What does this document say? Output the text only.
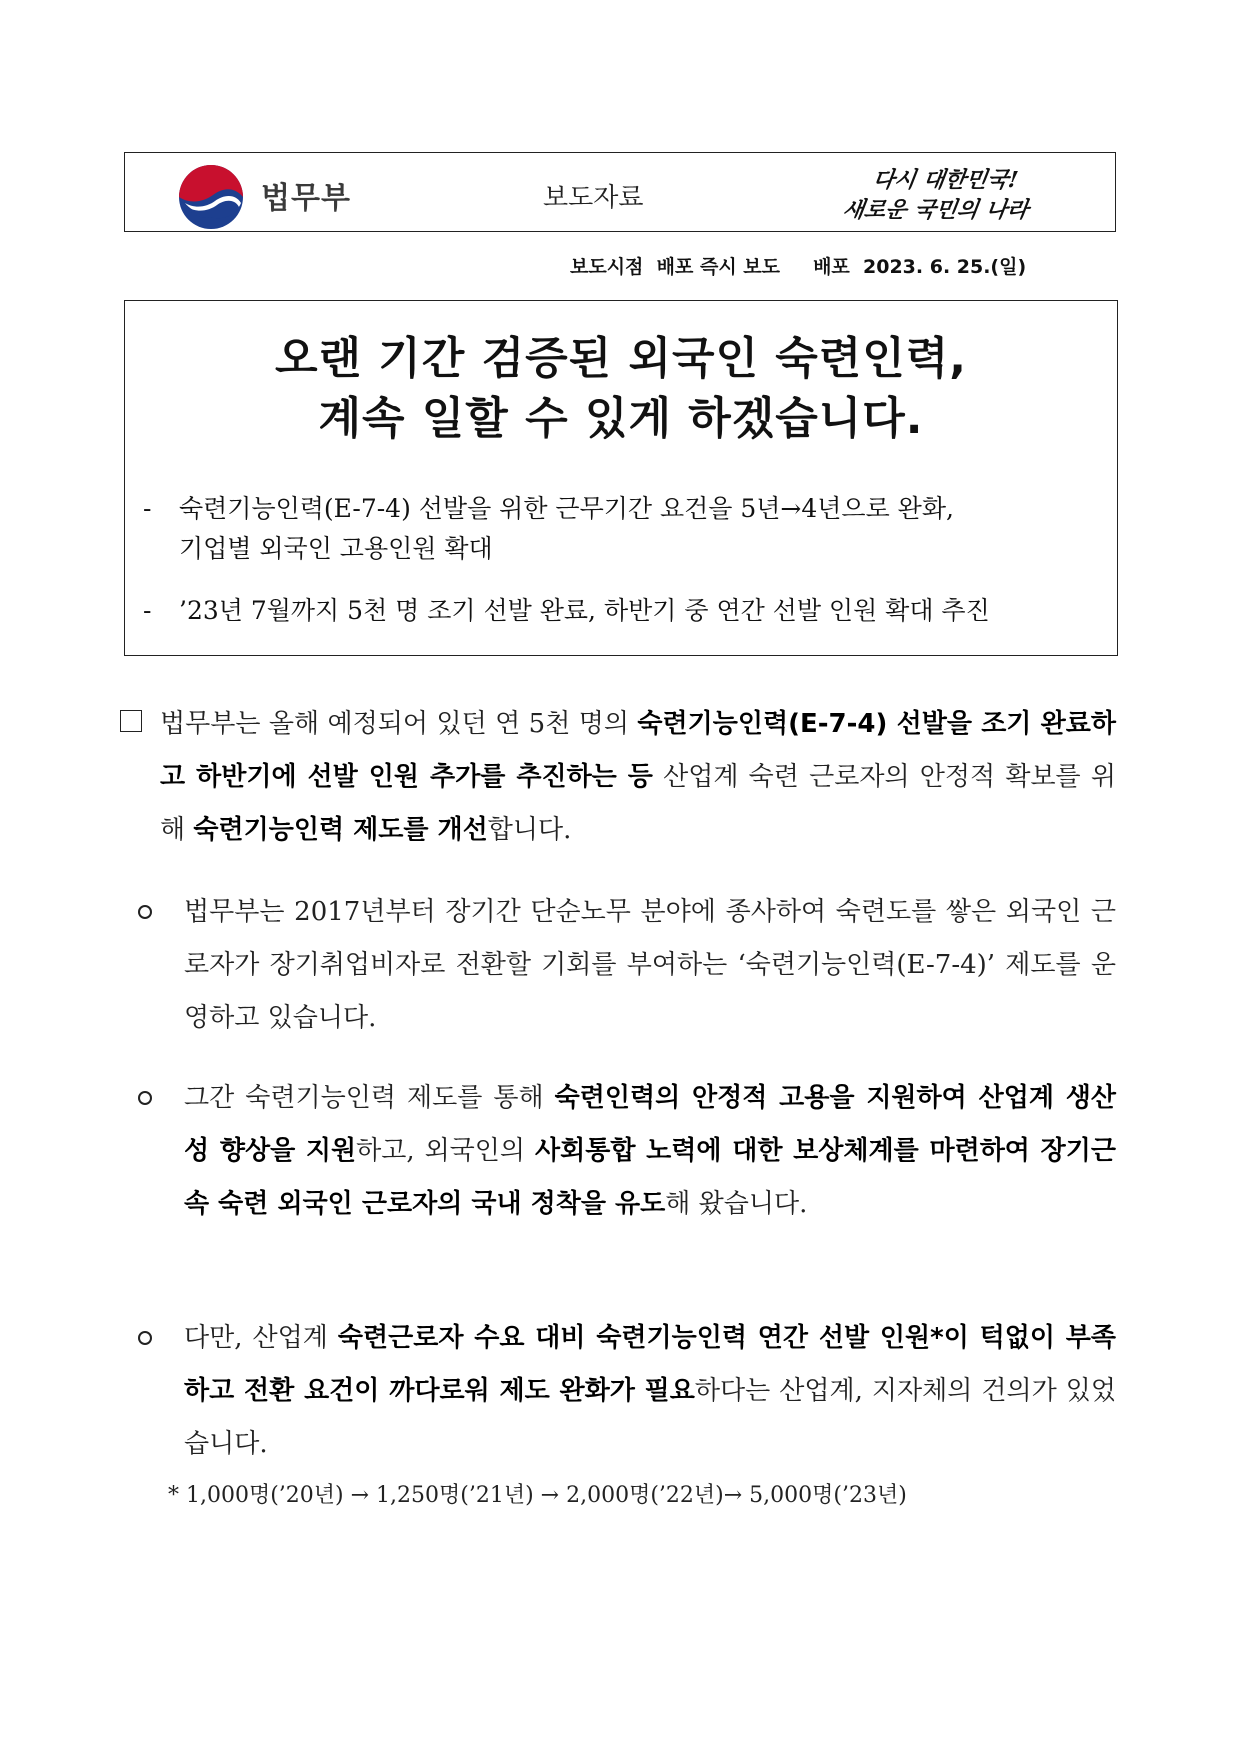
법무부	보도자료
다시 대한민국!
새로운 국민의 나라
보도시점  배포 즉시 보도     배포  2023. 6. 25.(일)
오랜 기간 검증된 외국인 숙련인력,
계속 일할 수 있게 하겠습니다.
-	숙련기능인력(E-7-4) 선발을 위한 근무기간 요건을 5년→4년으로 완화,
기업별 외국인 고용인원 확대
-	’23년 7월까지 5천 명 조기 선발 완료, 하반기 중 연간 선발 인원 확대 추진
법무부는 올해 예정되어 있던 연 5천 명의 숙련기능인력(E-7-4) 선발을 조기 완료하고 하반기에 선발 인원 추가를 추진하는 등 산업계 숙련 근로자의 안정적 확보를 위해 숙련기능인력 제도를 개선합니다.
법무부는 2017년부터 장기간 단순노무 분야에 종사하여 숙련도를 쌓은 외국인 근로자가 장기취업비자로 전환할 기회를 부여하는 ‘숙련기능인력(E-7-4)’ 제도를 운영하고 있습니다.
그간 숙련기능인력 제도를 통해 숙련인력의 안정적 고용을 지원하여 산업계 생산성 향상을 지원하고, 외국인의 사회통합 노력에 대한 보상체계를 마련하여 장기근속 숙련 외국인 근로자의 국내 정착을 유도해 왔습니다.
다만, 산업계 숙련근로자 수요 대비 숙련기능인력 연간 선발 인원*이 턱없이 부족하고 전환 요건이 까다로워 제도 완화가 필요하다는 산업계, 지자체의 건의가 있었습니다.
* 1,000명(’20년) → 1,250명(’21년) → 2,000명(’22년)→ 5,000명(’23년)
